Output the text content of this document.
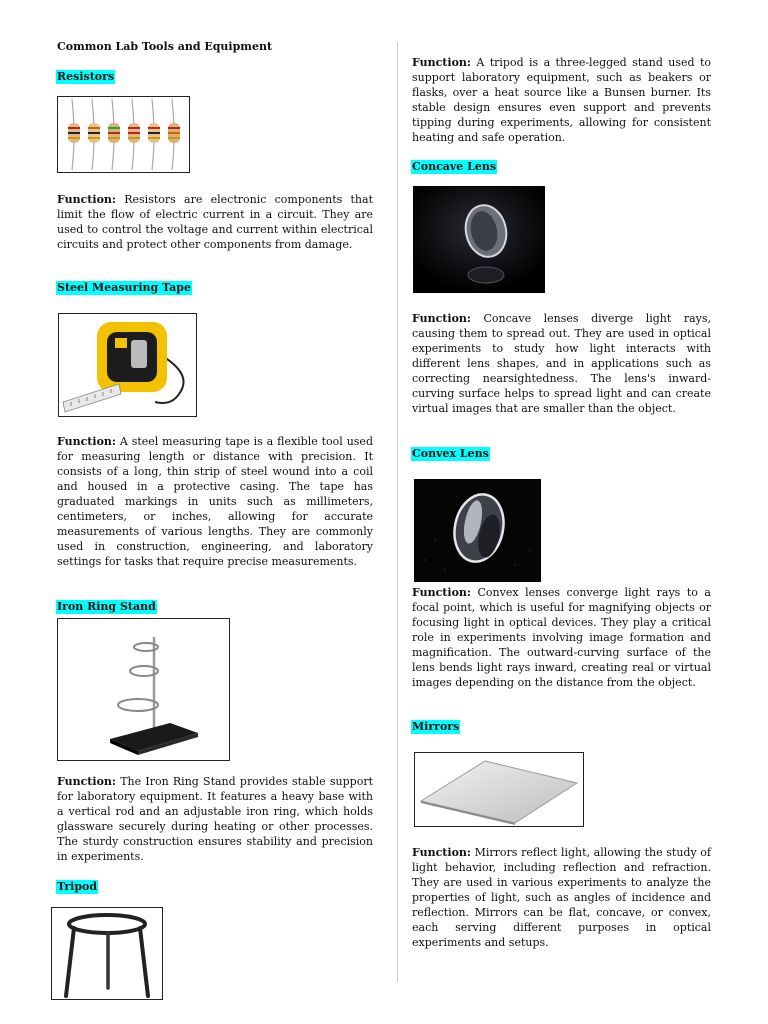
Common Lab Tools and Equipment
Resistors

Function: Resistors are electronic components that limit the flow of electric current in a circuit. They are used to control the voltage and current within electrical circuits and protect other components from damage.

Steel Measuring Tape

Function: A steel measuring tape is a flexible tool used for measuring length or distance with precision. It consists of a long, thin strip of steel wound into a coil and housed in a protective casing. The tape has graduated markings in units such as millimeters, centimeters, or inches, allowing for accurate measurements of various lengths. They are commonly used in construction, engineering, and laboratory settings for tasks that require precise measurements.

Iron Ring Stand

Function: The Iron Ring Stand provides stable support for laboratory equipment. It features a heavy base with a vertical rod and an adjustable iron ring, which holds glassware securely during heating or other processes. The sturdy construction ensures stability and precision in experiments.

Tripod

Function: A tripod is a three-legged stand used to support laboratory equipment, such as beakers or flasks, over a heat source like a Bunsen burner. Its stable design ensures even support and prevents tipping during experiments, allowing for consistent heating and safe operation.

Concave Lens

Function: Concave lenses diverge light rays, causing them to spread out. They are used in optical experiments to study how light interacts with different lens shapes, and in applications such as correcting nearsightedness. The lens's inward-curving surface helps to spread light and can create virtual images that are smaller than the object.

Convex Lens

Function: Convex lenses converge light rays to a focal point, which is useful for magnifying objects or focusing light in optical devices. They play a critical role in experiments involving image formation and magnification. The outward-curving surface of the lens bends light rays inward, creating real or virtual images depending on the distance from the object.

Mirrors

Function: Mirrors reflect light, allowing the study of light behavior, including reflection and refraction. They are used in various experiments to analyze the properties of light, such as angles of incidence and reflection. Mirrors can be flat, concave, or convex, each serving different purposes in optical experiments and setups.
